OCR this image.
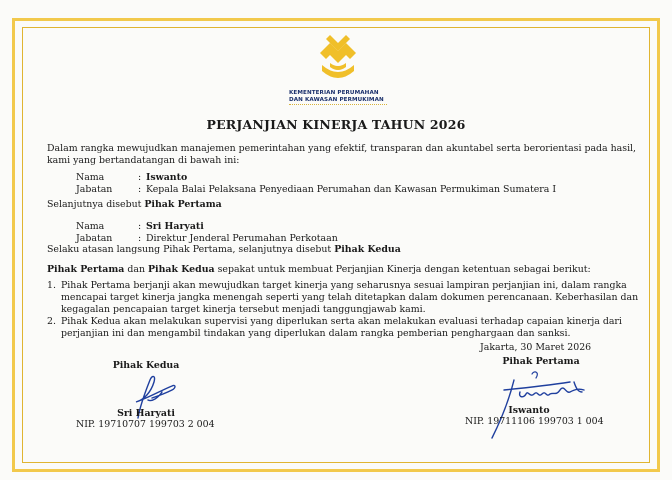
KEMENTERIAN PERUMAHAN
DAN KAWASAN PERMUKIMAN
PERJANJIAN KINERJA TAHUN 2026
Dalam rangka mewujudkan manajemen pemerintahan yang efektif, transparan dan akuntabel serta berorientasi pada hasil,
kami yang bertandatangan di bawah ini:
Nama	: Iswanto
Jabatan	: Kepala Balai Pelaksana Penyediaan Perumahan dan Kawasan Permukiman Sumatera I
Selanjutnya disebut Pihak Pertama
Nama	: Sri Haryati
Jabatan	: Direktur Jenderal Perumahan Perkotaan
Selaku atasan langsung Pihak Pertama, selanjutnya disebut Pihak Kedua
Pihak Pertama dan Pihak Kedua sepakat untuk membuat Perjanjian Kinerja dengan ketentuan sebagai berikut:
1. Pihak Pertama berjanji akan mewujudkan target kinerja yang seharusnya sesuai lampiran perjanjian ini, dalam rangka
mencapai target kinerja jangka menengah seperti yang telah ditetapkan dalam dokumen perencanaan. Keberhasilan dan
kegagalan pencapaian target kinerja tersebut menjadi tanggungjawab kami.
2. Pihak Kedua akan melakukan supervisi yang diperlukan serta akan melakukan evaluasi terhadap capaian kinerja dari
perjanjian ini dan mengambil tindakan yang diperlukan dalam rangka pemberian penghargaan dan sanksi.
Jakarta, 30 Maret 2026
Pihak Kedua
Sri Haryati
NIP. 19710707 199703 2 004
Pihak Pertama
Iswanto
NIP. 19711106 199703 1 004
